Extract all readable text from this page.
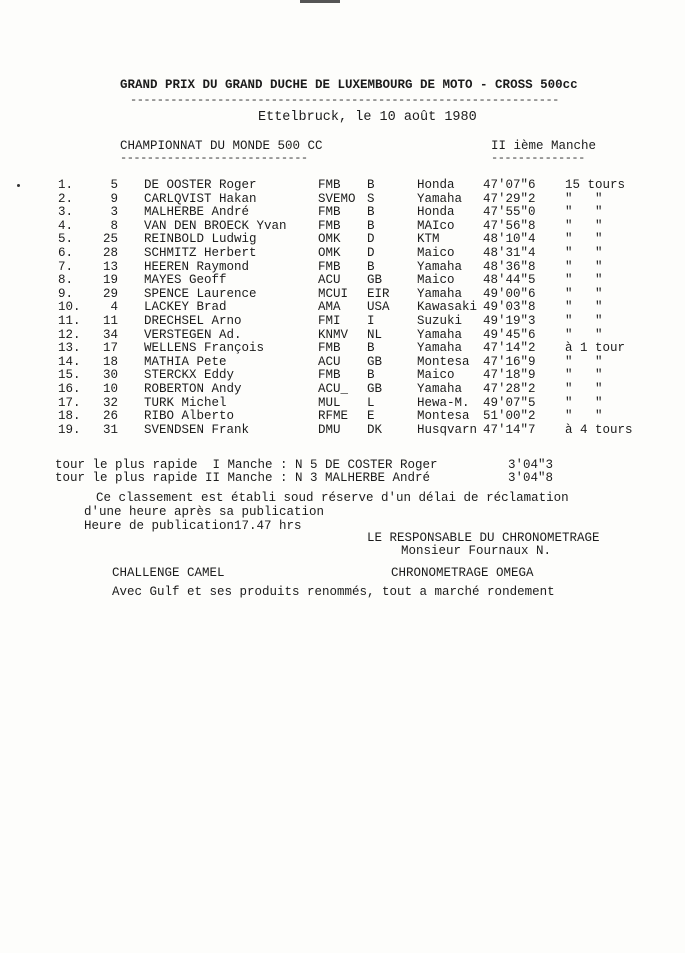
GRAND PRIX DU GRAND DUCHE DE LUXEMBOURG DE MOTO - CROSS 500cc
----------------------------------------------------------------
Ettelbruck, le 10 août 1980
CHAMPIONNAT DU MONDE 500 CC
----------------------------
II ième Manche
--------------
1.	5 DE OOSTER Roger	FMB B	Honda 47'07"6 15 tours
2.	9 CARLQVIST Hakan	SVEMO S	Yamaha 47'29"2 "   "
3.	3 MALHERBE André	FMB B	Honda 47'55"0 "   "
4.	8 VAN DEN BROECK Yvan	FMB B	MAIco 47'56"8 "   "
5.	25 REINBOLD Ludwig	OMK D	KTM	48'10"4 "   "
6.	28 SCHMITZ Herbert	OMK D	Maico 48'31"4 "   "
7.	13 HEEREN Raymond	FMB B	Yamaha 48'36"8 "   "
8.	19 MAYES Geoff	ACU GB	Maico 48'44"5 "   "
9.	29 SPENCE Laurence	MCUI EIR Yamaha 49'00"6 "   "
10.	4 LACKEY Brad	AMA USA Kawasaki 49'03"8 "   "
11.	11 DRECHSEL Arno	FMI I	Suzuki 49'19"3 "   "
12.	34 VERSTEGEN Ad.	KNMV NL	Yamaha 49'45"6 "   "
13.	17 WELLENS François	FMB B	Yamaha 47'14"2 à 1 tour
14.	18 MATHIA Pete	ACU GB	Montesa 47'16"9 "   "
15.	30 STERCKX Eddy	FMB B	Maico 47'18"9 "   "
16.	10 ROBERTON Andy	ACU_ GB	Yamaha 47'28"2 "   "
17.	32 TURK Michel	MUL L	Hewa-M. 49'07"5 "   "
18.	26 RIBO Alberto	RFME E	Montesa 51'00"2 "   "
19.	31 SVENDSEN Frank	DMU DK	Husqvarn 47'14"7 à 4 tours
tour le plus rapide  I Manche : N 5 DE COSTER Roger	3'04"3
tour le plus rapide II Manche : N 3 MALHERBE André	3'04"8
Ce classement est établi soud réserve d'un délai de réclamation
d'une heure après sa publication
Heure de publication17.47 hrs
LE RESPONSABLE DU CHRONOMETRAGE
Monsieur Fournaux N.
CHALLENGE CAMEL	CHRONOMETRAGE OMEGA
Avec Gulf et ses produits renommés, tout a marché rondement
